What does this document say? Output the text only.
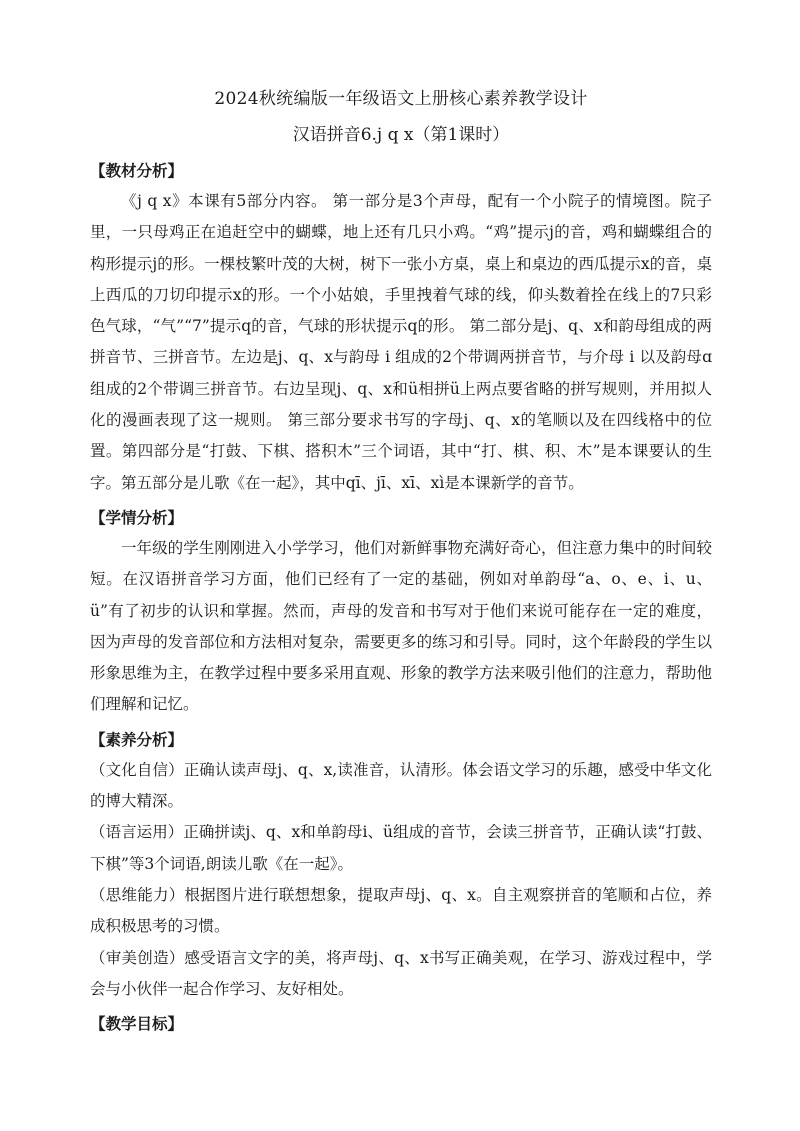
2024秋统编版一年级语文上册核心素养教学设计
汉语拼音6.j q x（第1课时）
【教材分析】

《j q x》本课有5部分内容。 第一部分是3个声母，配有一个小院子的情境图。院子里，一只母鸡正在追赶空中的蝴蝶，地上还有几只小鸡。“鸡”提示j的音，鸡和蝴蝶组合的构形提示j的形。一棵枝繁叶茂的大树，树下一张小方桌，桌上和桌边的西瓜提示x的音，桌上西瓜的刀切印提示x的形。一个小姑娘，手里拽着气球的线，仰头数着拴在线上的7只彩色气球，“气”“7”提示q的音，气球的形状提示q的形。 第二部分是j、q、x和韵母组成的两拼音节、三拼音节。左边是j、q、x与韵母 i 组成的2个带调两拼音节，与介母 i 以及韵母ɑ组成的2个带调三拼音节。右边呈现j、q、x和ü相拼ü上两点要省略的拼写规则，并用拟人化的漫画表现了这一规则。 第三部分要求书写的字母j、q、x的笔顺以及在四线格中的位置。第四部分是“打鼓、下棋、搭积木”三个词语，其中“打、棋、积、木”是本课要认的生字。第五部分是儿歌《在一起》，其中qī、jī、xī、xì是本课新学的音节。

【学情分析】

一年级的学生刚刚进入小学学习，他们对新鲜事物充满好奇心，但注意力集中的时间较短。在汉语拼音学习方面，他们已经有了一定的基础，例如对单韵母“a、o、e、i、u、ü”有了初步的认识和掌握。然而，声母的发音和书写对于他们来说可能存在一定的难度，因为声母的发音部位和方法相对复杂，需要更多的练习和引导。同时，这个年龄段的学生以形象思维为主，在教学过程中要多采用直观、形象的教学方法来吸引他们的注意力，帮助他们理解和记忆。

【素养分析】

（文化自信）正确认读声母j、q、x,读准音，认清形。体会语文学习的乐趣，感受中华文化的博大精深。

（语言运用）正确拼读j、q、x和单韵母i、ü组成的音节，会读三拼音节，正确认读“打鼓、下棋”等3个词语,朗读儿歌《在一起》。

（思维能力）根据图片进行联想想象，提取声母j、q、x。自主观察拼音的笔顺和占位，养成积极思考的习惯。

（审美创造）感受语言文字的美，将声母j、q、x书写正确美观，在学习、游戏过程中，学会与小伙伴一起合作学习、友好相处。

【教学目标】
